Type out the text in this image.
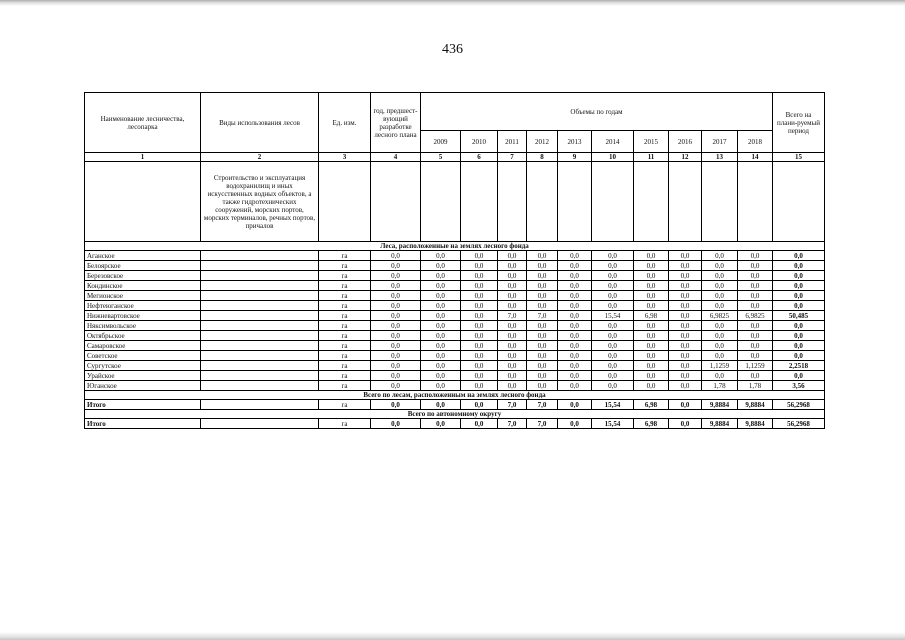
436
Наименование лесничества, лесопарка	Виды использования лесов	Ед. изм.	год, предшест-вующий разработке лесного плана	Объемы по годам										Всего на плани-руемый период
				2009	2010	2011	2012	2013	2014	2015	2016	2017	2018	
1	2	3	4	5	6	7	8	9	10	11	12	13	14	15
	Строительство и эксплуатация водохранилищ и иных искусственных водных объектов, а также гидротехнических сооружений, морских портов, морских терминалов, речных портов, причалов													
Леса, расположенные на землях лесного фонда														
Аганское		га	0,0	0,0	0,0	0,0	0,0	0,0	0,0	0,0	0,0	0,0	0,0	0,0
Белоярское		га	0,0	0,0	0,0	0,0	0,0	0,0	0,0	0,0	0,0	0,0	0,0	0,0
Березовское		га	0,0	0,0	0,0	0,0	0,0	0,0	0,0	0,0	0,0	0,0	0,0	0,0
Кондинское		га	0,0	0,0	0,0	0,0	0,0	0,0	0,0	0,0	0,0	0,0	0,0	0,0
Мегионское		га	0,0	0,0	0,0	0,0	0,0	0,0	0,0	0,0	0,0	0,0	0,0	0,0
Нефтеюганское		га	0,0	0,0	0,0	0,0	0,0	0,0	0,0	0,0	0,0	0,0	0,0	0,0
Нижневартовское		га	0,0	0,0	0,0	7,0	7,0	0,0	15,54	6,98	0,0	6,9825	6,9825	50,485
Няксимвольское		га	0,0	0,0	0,0	0,0	0,0	0,0	0,0	0,0	0,0	0,0	0,0	0,0
Октябрьское		га	0,0	0,0	0,0	0,0	0,0	0,0	0,0	0,0	0,0	0,0	0,0	0,0
Самаровское		га	0,0	0,0	0,0	0,0	0,0	0,0	0,0	0,0	0,0	0,0	0,0	0,0
Советское		га	0,0	0,0	0,0	0,0	0,0	0,0	0,0	0,0	0,0	0,0	0,0	0,0
Сургутское		га	0,0	0,0	0,0	0,0	0,0	0,0	0,0	0,0	0,0	1,1259	1,1259	2,2518
Урайское		га	0,0	0,0	0,0	0,0	0,0	0,0	0,0	0,0	0,0	0,0	0,0	0,0
Юганское		га	0,0	0,0	0,0	0,0	0,0	0,0	0,0	0,0	0,0	1,78	1,78	3,56
Всего по лесам, расположенным на землях лесного фонда														
Итого		га	0,0	0,0	0,0	7,0	7,0	0,0	15,54	6,98	0,0	9,8884	9,8884	56,2968
Всего по автономному округу														
Итого		га	0,0	0,0	0,0	7,0	7,0	0,0	15,54	6,98	0,0	9,8884	9,8884	56,2968
